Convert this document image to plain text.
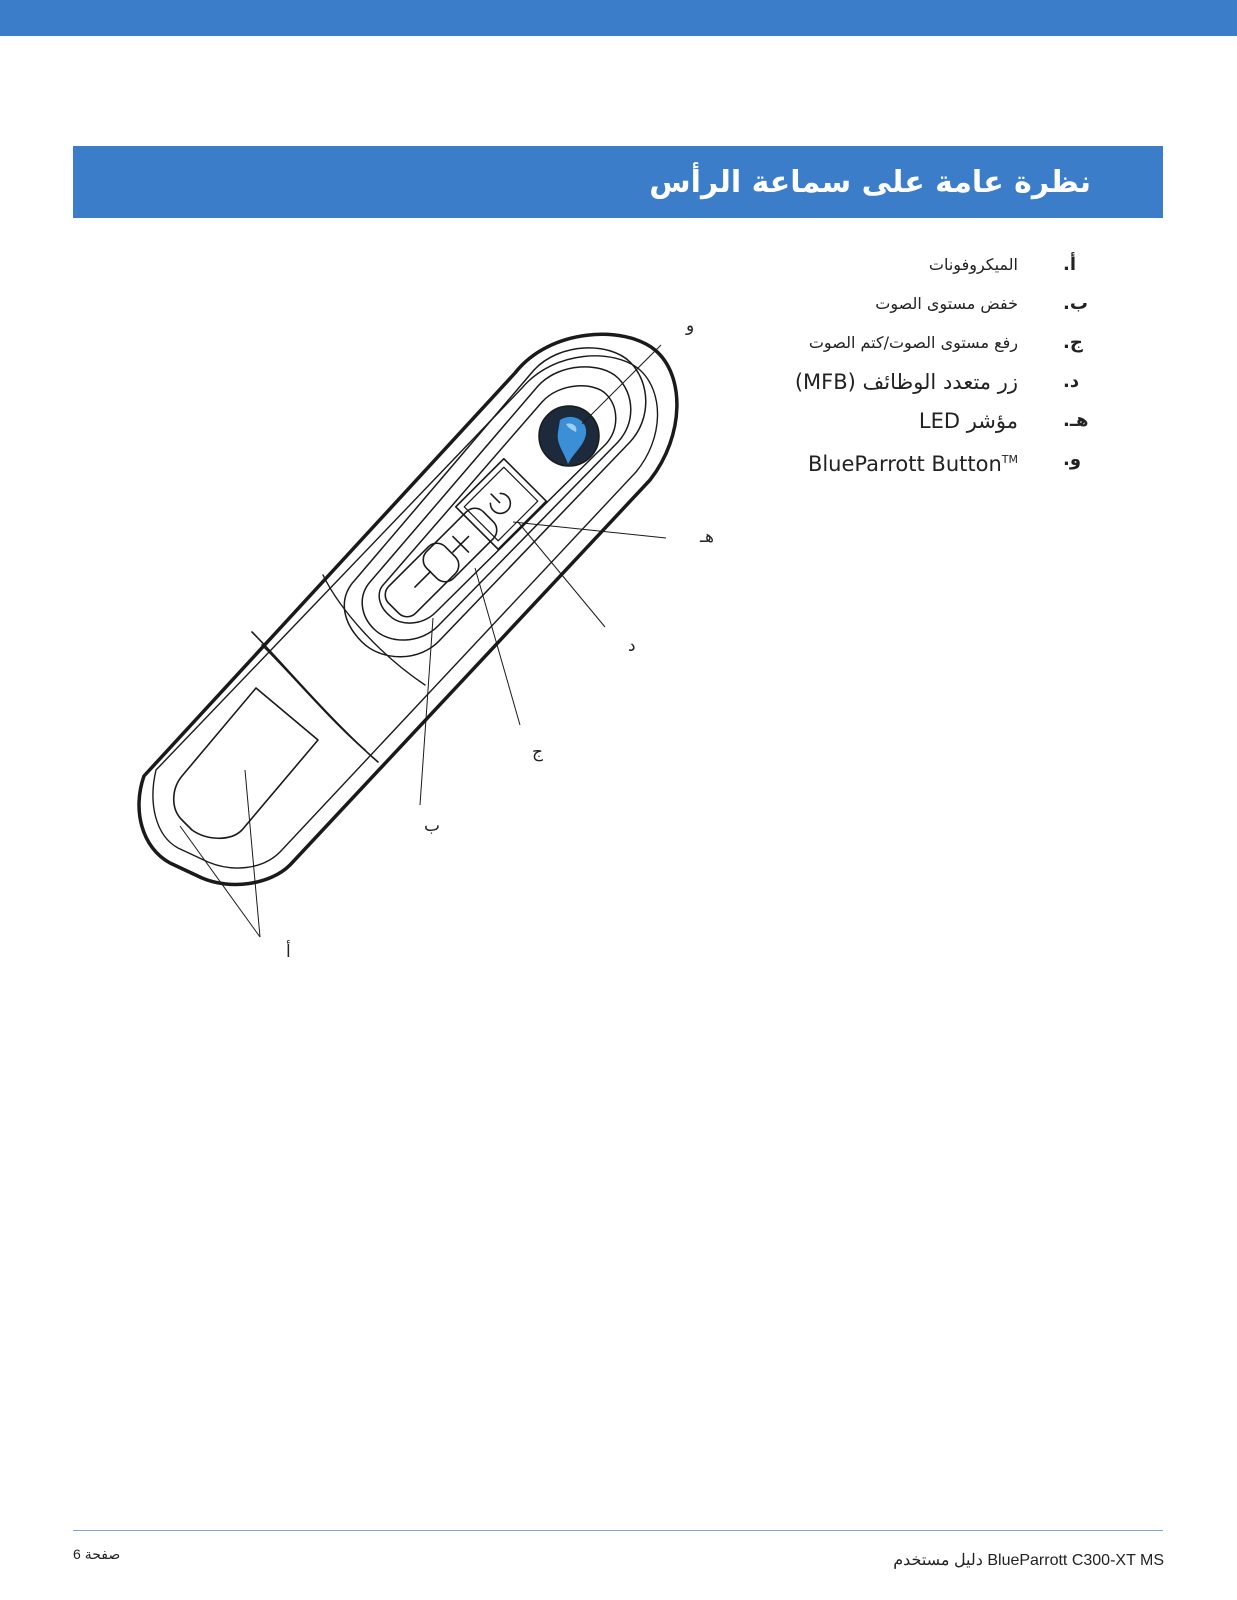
نظرة عامة على سماعة الرأس
أ.
الميكروفونات
ب.
خفض مستوى الصوت
ج.
رفع مستوى الصوت/كتم الصوت
د.
زر متعدد الوظائف (MFB)
هـ.
مؤشر LED
و.
BlueParrott Button™
و
هـ
د
ج
ب
أ
صفحة 6	دليل مستخدم BlueParrott C300-XT MS
